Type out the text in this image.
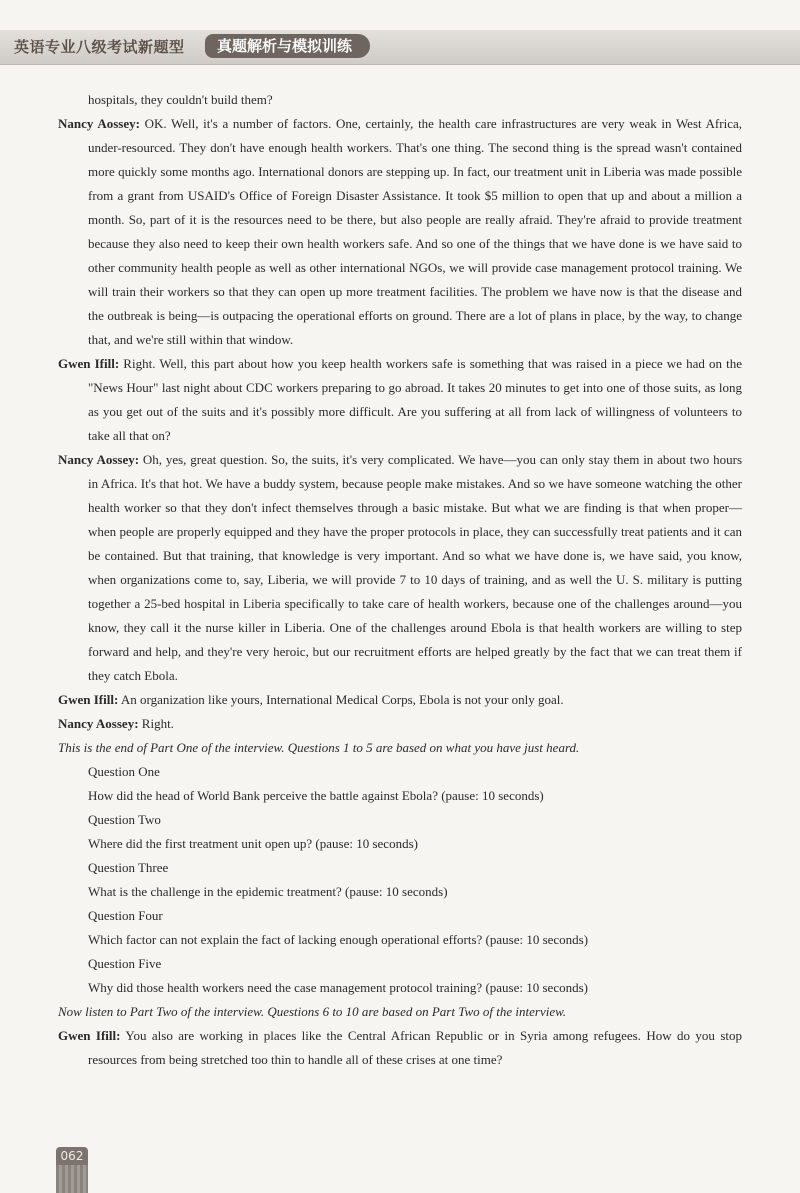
英语专业八级考试新题型	真题解析与模拟训练

hospitals, they couldn't build them?

Nancy Aossey: OK. Well, it's a number of factors. One, certainly, the health care infrastructures are very weak in West Africa, under-resourced. They don't have enough health workers. That's one thing. The second thing is the spread wasn't contained more quickly some months ago. International donors are stepping up. In fact, our treatment unit in Liberia was made possible from a grant from USAID's Office of Foreign Disaster Assistance. It took $5 million to open that up and about a million a month. So, part of it is the resources need to be there, but also people are really afraid. They're afraid to provide treatment because they also need to keep their own health workers safe. And so one of the things that we have done is we have said to other community health people as well as other international NGOs, we will provide case management protocol training. We will train their workers so that they can open up more treatment facilities. The problem we have now is that the disease and the outbreak is being—is outpacing the operational efforts on ground. There are a lot of plans in place, by the way, to change that, and we're still within that window.

Gwen Ifill: Right. Well, this part about how you keep health workers safe is something that was raised in a piece we had on the "News Hour" last night about CDC workers preparing to go abroad. It takes 20 minutes to get into one of those suits, as long as you get out of the suits and it's possibly more difficult. Are you suffering at all from lack of willingness of volunteers to take all that on?

Nancy Aossey: Oh, yes, great question. So, the suits, it's very complicated. We have—you can only stay them in about two hours in Africa. It's that hot. We have a buddy system, because people make mistakes. And so we have someone watching the other health worker so that they don't infect themselves through a basic mistake. But what we are finding is that when proper—when people are properly equipped and they have the proper protocols in place, they can successfully treat patients and it can be contained. But that training, that knowledge is very important. And so what we have done is, we have said, you know, when organizations come to, say, Liberia, we will provide 7 to 10 days of training, and as well the U. S. military is putting together a 25-bed hospital in Liberia specifically to take care of health workers, because one of the challenges around—you know, they call it the nurse killer in Liberia. One of the challenges around Ebola is that health workers are willing to step forward and help, and they're very heroic, but our recruitment efforts are helped greatly by the fact that we can treat them if they catch Ebola.

Gwen Ifill: An organization like yours, International Medical Corps, Ebola is not your only goal.

Nancy Aossey: Right.

This is the end of Part One of the interview. Questions 1 to 5 are based on what you have just heard.

Question One

How did the head of World Bank perceive the battle against Ebola? (pause: 10 seconds)

Question Two

Where did the first treatment unit open up? (pause: 10 seconds)

Question Three

What is the challenge in the epidemic treatment? (pause: 10 seconds)

Question Four

Which factor can not explain the fact of lacking enough operational efforts? (pause: 10 seconds)

Question Five

Why did those health workers need the case management protocol training? (pause: 10 seconds)

Now listen to Part Two of the interview. Questions 6 to 10 are based on Part Two of the interview.

Gwen Ifill: You also are working in places like the Central African Republic or in Syria among refugees. How do you stop resources from being stretched too thin to handle all of these crises at one time?

062
